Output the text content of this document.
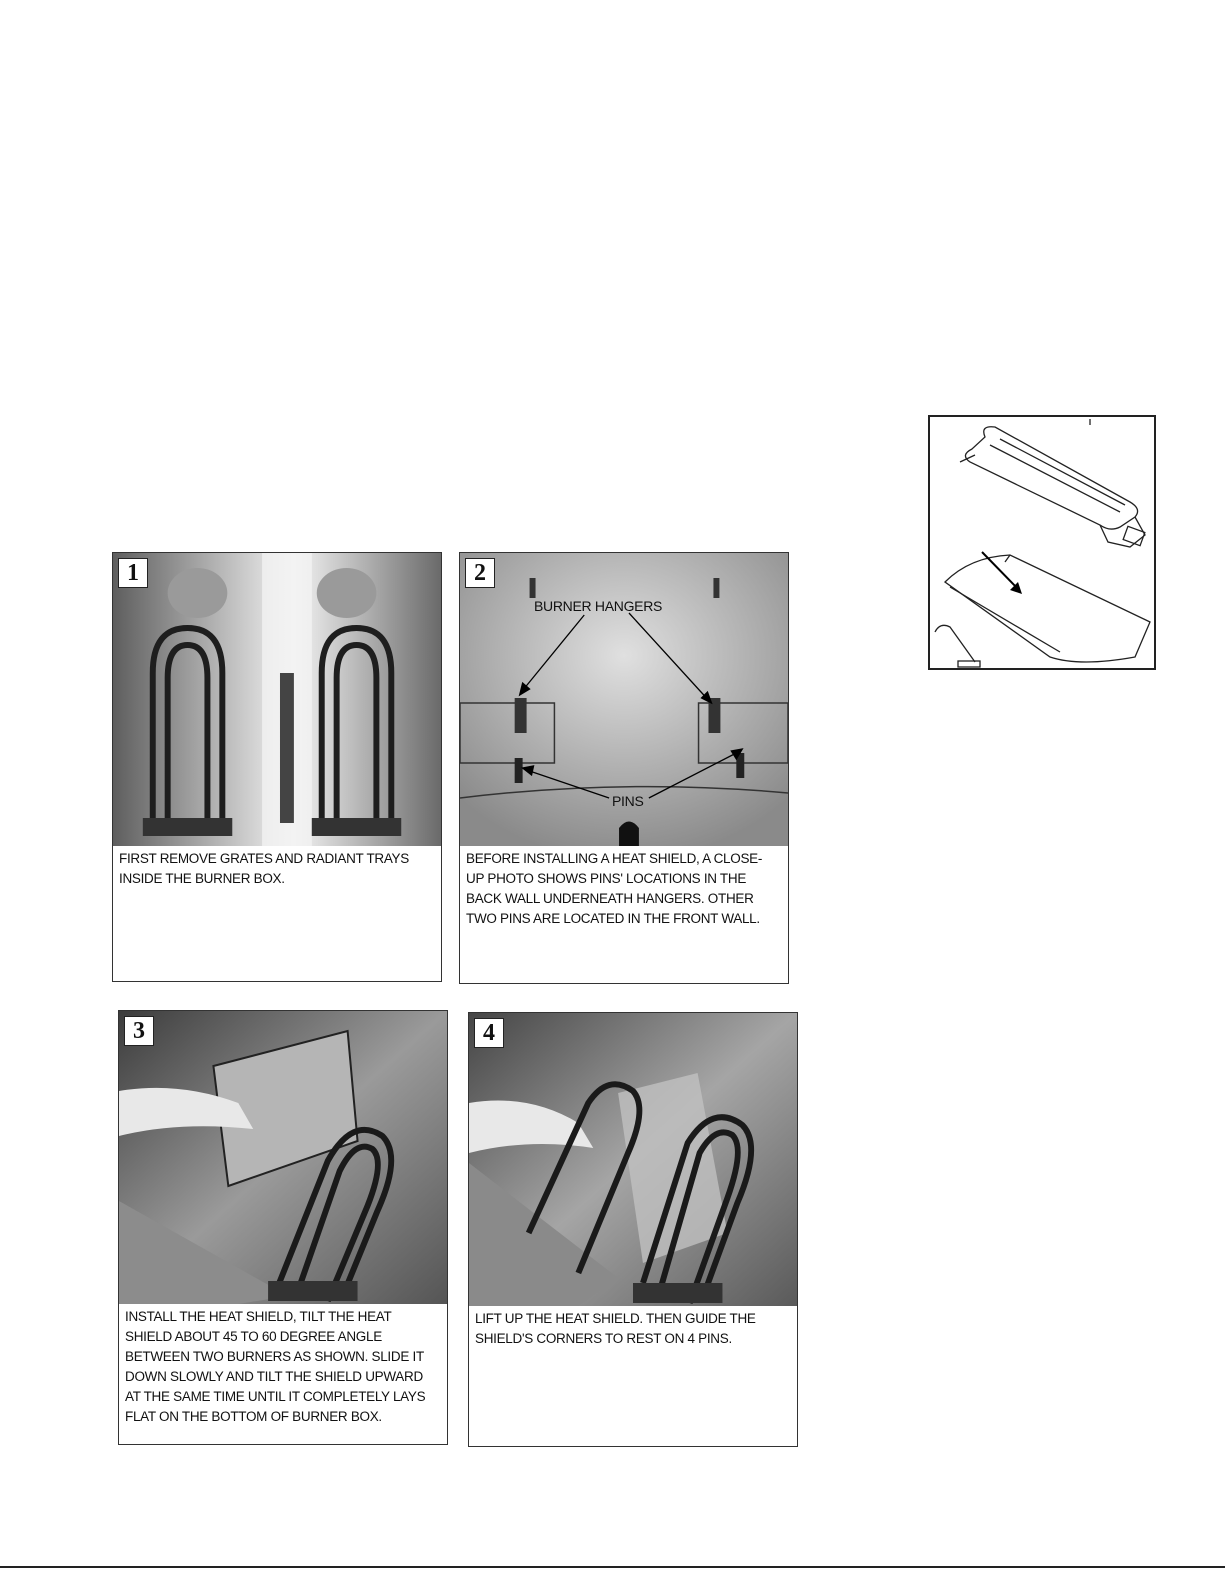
1
FIRST REMOVE GRATES AND RADIANT TRAYS INSIDE THE BURNER BOX.
BURNER HANGERS
PINS
2
BEFORE INSTALLING A HEAT SHIELD, A CLOSE-UP PHOTO SHOWS PINS' LOCATIONS IN THE BACK WALL UNDERNEATH HANGERS. OTHER TWO PINS ARE LOCATED IN THE FRONT WALL.
3
INSTALL THE HEAT SHIELD, TILT THE HEAT SHIELD ABOUT 45 TO 60 DEGREE ANGLE BETWEEN TWO BURNERS AS SHOWN. SLIDE IT DOWN SLOWLY AND TILT THE SHIELD UPWARD AT THE SAME TIME UNTIL IT COMPLETELY LAYS FLAT ON THE BOTTOM OF BURNER BOX.
4
LIFT UP THE HEAT SHIELD. THEN GUIDE THE SHIELD'S CORNERS TO REST ON 4 PINS.
